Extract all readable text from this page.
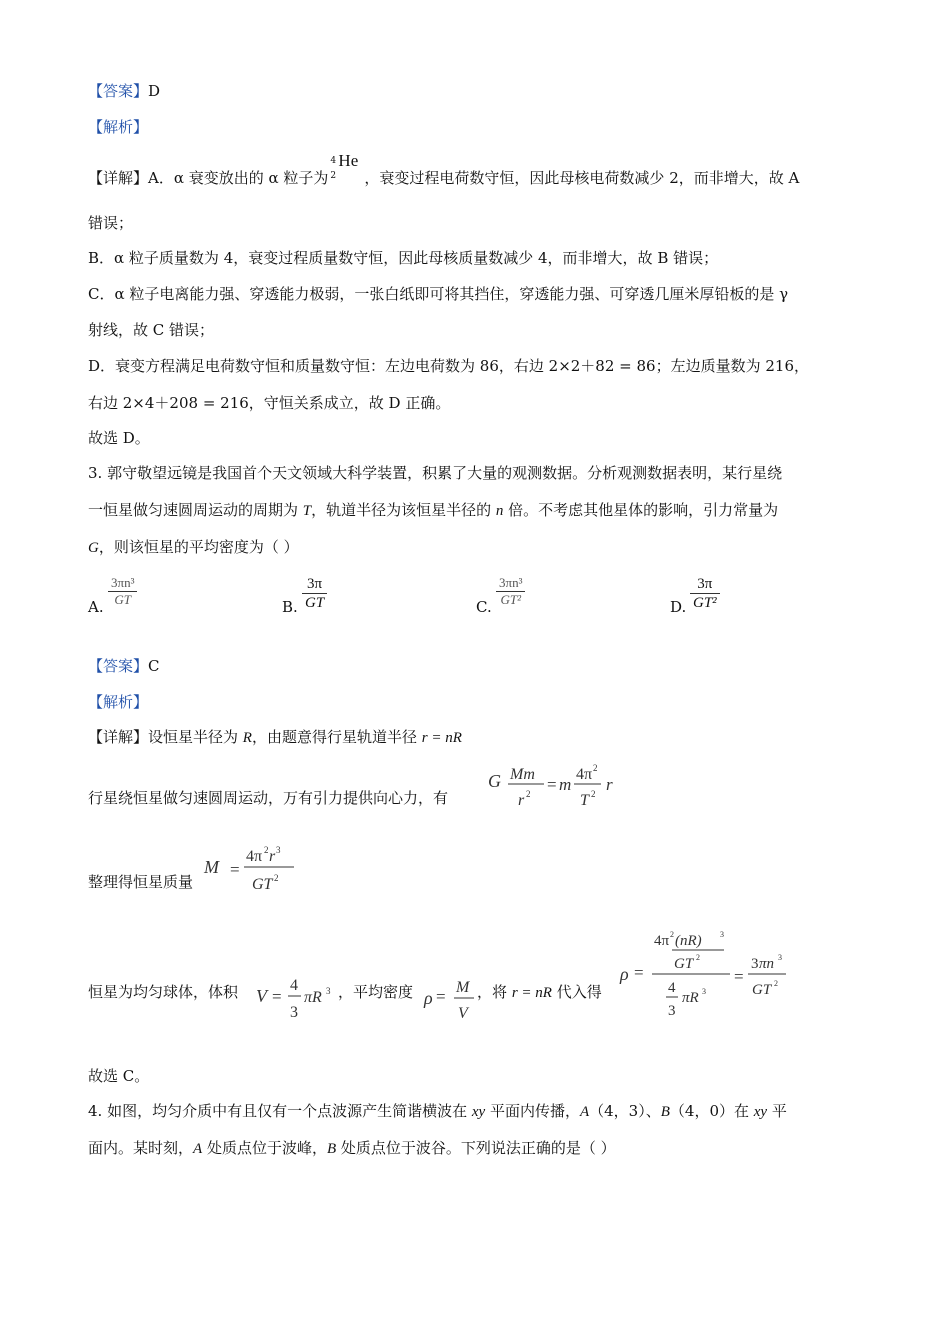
【答案】D
【解析】
【详解】A．α 衰变放出的 α 粒子为
4
2
He
，衰变过程电荷数守恒，因此母核电荷数减少 2，而非增大，故 A
错误；
B．α 粒子质量数为 4，衰变过程质量数守恒，因此母核质量数减少 4，而非增大，故 B 错误；
C．α 粒子电离能力强、穿透能力极弱，一张白纸即可将其挡住，穿透能力强、可穿透几厘米厚铅板的是 γ
射线，故 C 错误；
D．衰变方程满足电荷数守恒和质量数守恒：左边电荷数为 86，右边 2×2＋82 = 86；左边质量数为 216，
右边 2×4＋208 = 216，守恒关系成立，故 D 正确。
故选 D。
3. 郭守敬望远镜是我国首个天文领域大科学装置，积累了大量的观测数据。分析观测数据表明，某行星绕
一恒星做匀速圆周运动的周期为 T，轨道半径为该恒星半径的 n 倍。不考虑其他星体的影响，引力常量为
G，则该恒星的平均密度为（ ）
A. $\frac{\text{3πn³}}{GT}$	B. $\frac{3\pi}{GT}$	C. $\frac{\text{3πn³}}{\text{GT²}}$	D. $\frac{3\pi}{\text{GT²}}$
【答案】C
【解析】
【详解】设恒星半径为 R，由题意得行星轨道半径 r = nR
行星绕恒星做匀速圆周运动，万有引力提供向心力，有
G Mm
r 2 = m
4π 2
T 2 r
整理得恒星质量
M =
4π 2 r 3
GT 2
恒星为均匀球体，体积	，平均密度	，将 r = nR 代入得
V =
4
3
πR 3	ρ = M
V
ρ =
4π 2 (nR) 3
GT 2
4
3
πR 3
=
3 πn 3
GT 2
故选 C。
4. 如图，均匀介质中有且仅有一个点波源产生简谐横波在 xy 平面内传播，A（4，3）、B（4，0）在 xy 平
面内。某时刻，A 处质点位于波峰，B 处质点位于波谷。下列说法正确的是（ ）
